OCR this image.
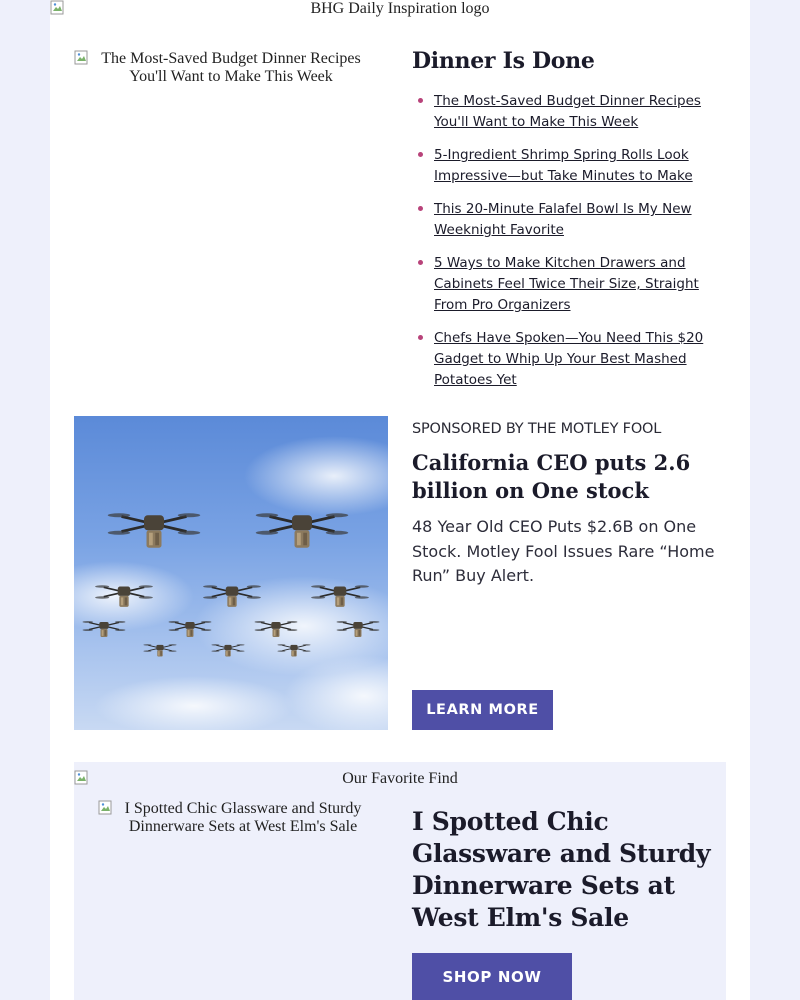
BHG Daily Inspiration logo
The Most-Saved Budget Dinner Recipes You'll Want to Make This Week
Dinner Is Done
The Most-Saved Budget Dinner Recipes You'll Want to Make This Week
5-Ingredient Shrimp Spring Rolls Look Impressive—but Take Minutes to Make
This 20-Minute Falafel Bowl Is My New Weeknight Favorite
5 Ways to Make Kitchen Drawers and Cabinets Feel Twice Their Size, Straight From Pro Organizers
Chefs Have Spoken—You Need This $20 Gadget to Whip Up Your Best Mashed Potatoes Yet
SPONSORED BY THE MOTLEY FOOL
California CEO puts 2.6 billion on One stock

48 Year Old CEO Puts $2.6B on One Stock. Motley Fool Issues Rare “Home Run” Buy Alert.

LEARN MORE
Our Favorite Find
I Spotted Chic Glassware and Sturdy Dinnerware Sets at West Elm's Sale	I Spotted Chic Glassware and Sturdy Dinnerware Sets at West Elm's Sale
SHOP NOW
